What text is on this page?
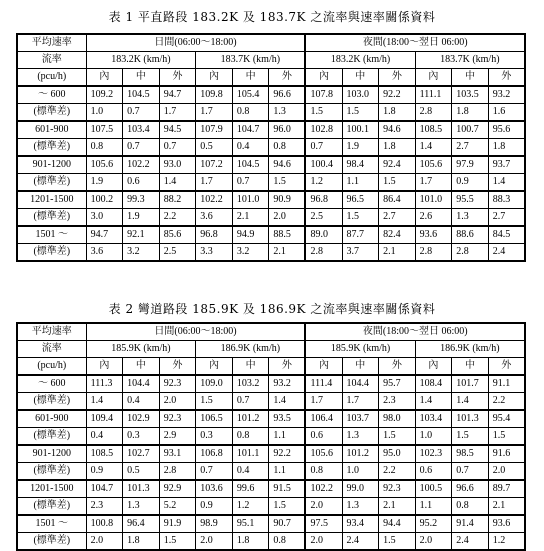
表 1 平直路段 183.2K 及 183.7K 之流率與速率關係資料
平均速率	日間(06:00～18:00)						夜間(18:00～翌日 06:00)					
流率	183.2K (km/h)			183.7K (km/h)			183.2K (km/h)			183.7K (km/h)		
(pcu/h)	內	中	外	內	中	外	內	中	外	內	中	外
～ 600	109.2	104.5	94.7	109.8	105.4	96.6	107.8	103.0	92.2	111.1	103.5	93.2
(標準差)	1.0	0.7	1.7	1.7	0.8	1.3	1.5	1.5	1.8	2.8	1.8	1.6
601-900	107.5	103.4	94.5	107.9	104.7	96.0	102.8	100.1	94.6	108.5	100.7	95.6
(標準差)	0.8	0.7	0.7	0.5	0.4	0.8	0.7	1.9	1.8	1.4	2.7	1.8
901-1200	105.6	102.2	93.0	107.2	104.5	94.6	100.4	98.4	92.4	105.6	97.9	93.7
(標準差)	1.9	0.6	1.4	1.7	0.7	1.5	1.2	1.1	1.5	1.7	0.9	1.4
1201-1500	100.2	99.3	88.2	102.2	101.0	90.9	96.8	96.5	86.4	101.0	95.5	88.3
(標準差)	3.0	1.9	2.2	3.6	2.1	2.0	2.5	1.5	2.7	2.6	1.3	2.7
1501 ～	94.7	92.1	85.6	96.8	94.9	88.5	89.0	87.7	82.4	93.6	88.6	84.5
(標準差)	3.6	3.2	2.5	3.3	3.2	2.1	2.8	3.7	2.1	2.8	2.8	2.4
表 2 彎道路段 185.9K 及 186.9K 之流率與速率關係資料
平均速率	日間(06:00～18:00)						夜間(18:00～翌日 06:00)					
流率	185.9K (km/h)			186.9K (km/h)			185.9K (km/h)			186.9K (km/h)		
(pcu/h)	內	中	外	內	中	外	內	中	外	內	中	外
～ 600	111.3	104.4	92.3	109.0	103.2	93.2	111.4	104.4	95.7	108.4	101.7	91.1
(標準差)	1.4	0.4	2.0	1.5	0.7	1.4	1.7	1.7	2.3	1.4	1.4	2.2
601-900	109.4	102.9	92.3	106.5	101.2	93.5	106.4	103.7	98.0	103.4	101.3	95.4
(標準差)	0.4	0.3	2.9	0.3	0.8	1.1	0.6	1.3	1.5	1.0	1.5	1.5
901-1200	108.5	102.7	93.1	106.8	101.1	92.2	105.6	101.2	95.0	102.3	98.5	91.6
(標準差)	0.9	0.5	2.8	0.7	0.4	1.1	0.8	1.0	2.2	0.6	0.7	2.0
1201-1500	104.7	101.3	92.9	103.6	99.6	91.5	102.2	99.0	92.3	100.5	96.6	89.7
(標準差)	2.3	1.3	5.2	0.9	1.2	1.5	2.0	1.3	2.1	1.1	0.8	2.1
1501 ～	100.8	96.4	91.9	98.9	95.1	90.7	97.5	93.4	94.4	95.2	91.4	93.6
(標準差)	2.0	1.8	1.5	2.0	1.8	0.8	2.0	2.4	1.5	2.0	2.4	1.2
